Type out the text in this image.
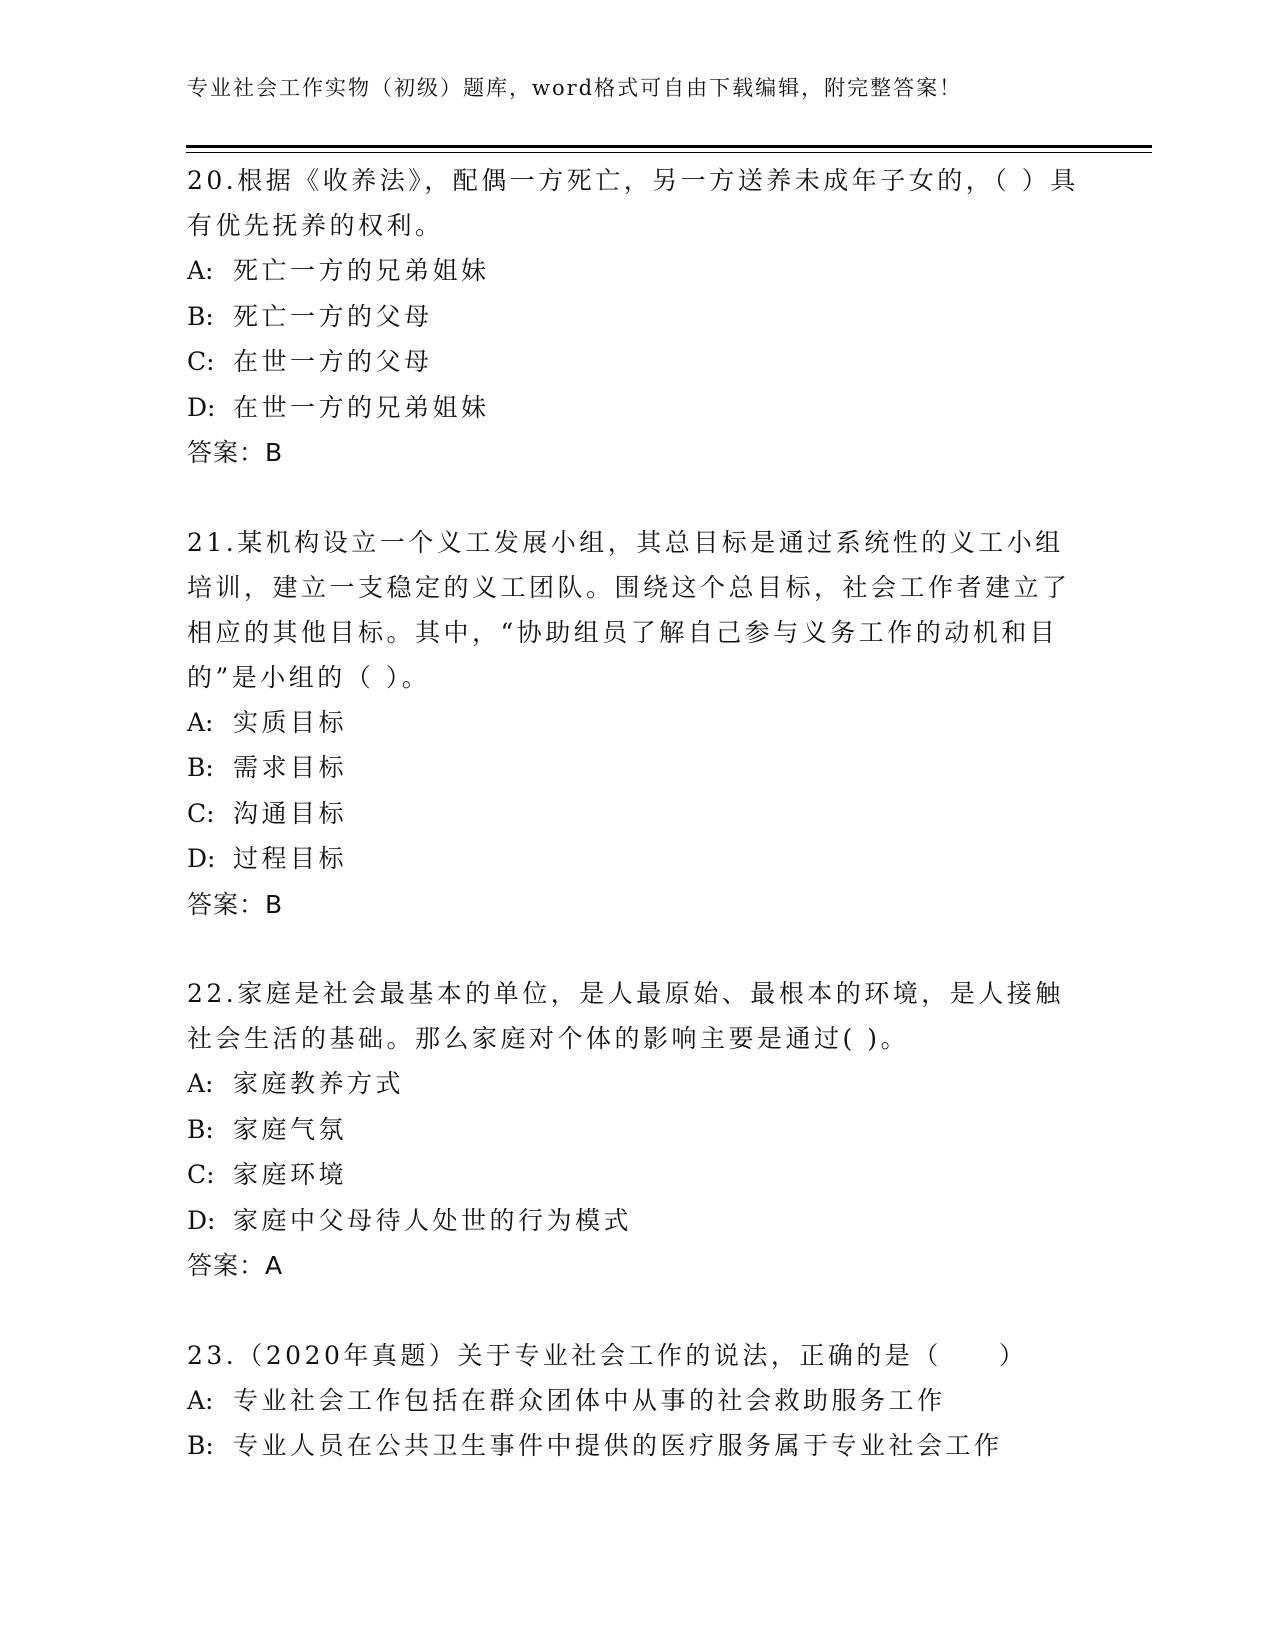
专业社会工作实物（初级）题库，word格式可自由下载编辑，附完整答案！

20.根据《收养法》，配偶一方死亡，另一方送养未成年子女的，（ ）具有优先抚养的权利。

A: 死亡一方的兄弟姐妹
B: 死亡一方的父母
C: 在世一方的父母
D: 在世一方的兄弟姐妹
答案：B

21.某机构设立一个义工发展小组，其总目标是通过系统性的义工小组培训，建立一支稳定的义工团队。围绕这个总目标，社会工作者建立了相应的其他目标。其中，“协助组员了解自己参与义务工作的动机和目的”是小组的（ ）。

A: 实质目标
B: 需求目标
C: 沟通目标
D: 过程目标
答案：B

22.家庭是社会最基本的单位，是人最原始、最根本的环境，是人接触社会生活的基础。那么家庭对个体的影响主要是通过( )。

A: 家庭教养方式
B: 家庭气氛
C: 家庭环境
D: 家庭中父母待人处世的行为模式
答案：A

23.（2020年真题）关于专业社会工作的说法，正确的是（　　）

A: 专业社会工作包括在群众团体中从事的社会救助服务工作
B: 专业人员在公共卫生事件中提供的医疗服务属于专业社会工作
